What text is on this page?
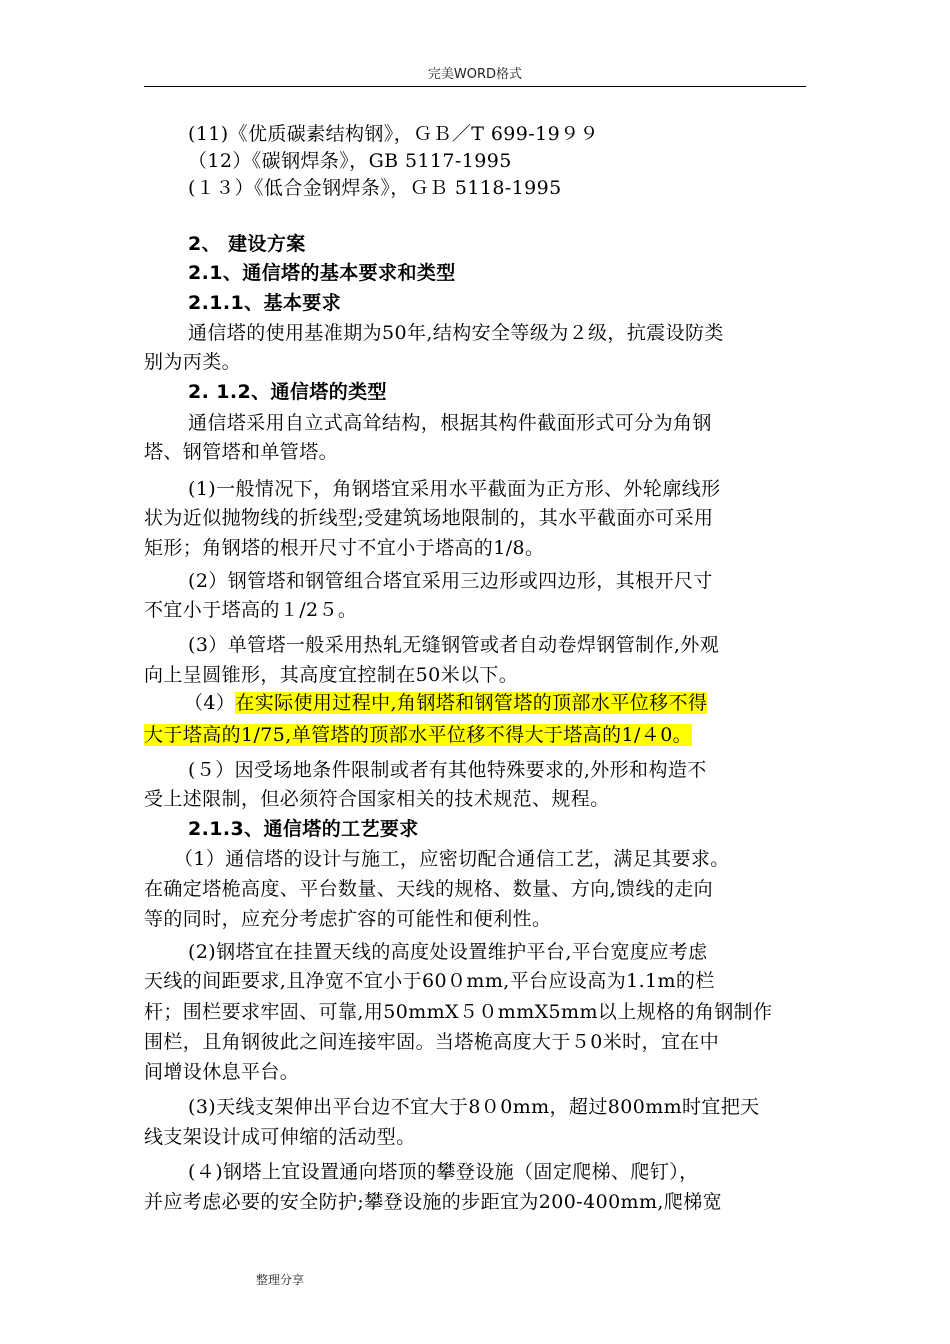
完美WORD格式
(11)《优质碳素结构钢》，ＧＢ／T 699-19９９
（12）《碳钢焊条》，GB 5117-1995
(１３）《低合金钢焊条》，ＧＢ 5118-1995
2、 建设方案
2.1、通信塔的基本要求和类型
2.1.1、基本要求
通信塔的使用基准期为50年,结构安全等级为２级，抗震设防类
别为丙类。
2. 1.2、通信塔的类型
通信塔采用自立式高耸结构，根据其构件截面形式可分为角钢
塔、钢管塔和单管塔。
(1)一般情况下，角钢塔宜采用水平截面为正方形、外轮廓线形
状为近似抛物线的折线型;受建筑场地限制的，其水平截面亦可采用
矩形；角钢塔的根开尺寸不宜小于塔高的1/8。
(2）钢管塔和钢管组合塔宜采用三边形或四边形，其根开尺寸
不宜小于塔高的１/2５。
(3）单管塔一般采用热轧无缝钢管或者自动卷焊钢管制作,外观
向上呈圆锥形，其高度宜控制在50米以下。
（4）在实际使用过程中,角钢塔和钢管塔的顶部水平位移不得
大于塔高的1/75,单管塔的顶部水平位移不得大于塔高的1/４0。
(５）因受场地条件限制或者有其他特殊要求的,外形和构造不
受上述限制，但必须符合国家相关的技术规范、规程。
2.1.3、通信塔的工艺要求
（1）通信塔的设计与施工，应密切配合通信工艺，满足其要求。
在确定塔桅高度、平台数量、天线的规格、数量、方向,馈线的走向
等的同时，应充分考虑扩容的可能性和便利性。
(2)钢塔宜在挂置天线的高度处设置维护平台,平台宽度应考虑
天线的间距要求,且净宽不宜小于60０mm,平台应设高为1.1m的栏
杆；围栏要求牢固、可靠,用50mmX５０mmX5mm以上规格的角钢制作
围栏，且角钢彼此之间连接牢固。当塔桅高度大于５0米时，宜在中
间增设休息平台。
(3)天线支架伸出平台边不宜大于8０0mm，超过800mm时宜把天
线支架设计成可伸缩的活动型。
(４)钢塔上宜设置通向塔顶的攀登设施（固定爬梯、爬钉），
并应考虑必要的安全防护;攀登设施的步距宜为200-400mm,爬梯宽
整理分享
